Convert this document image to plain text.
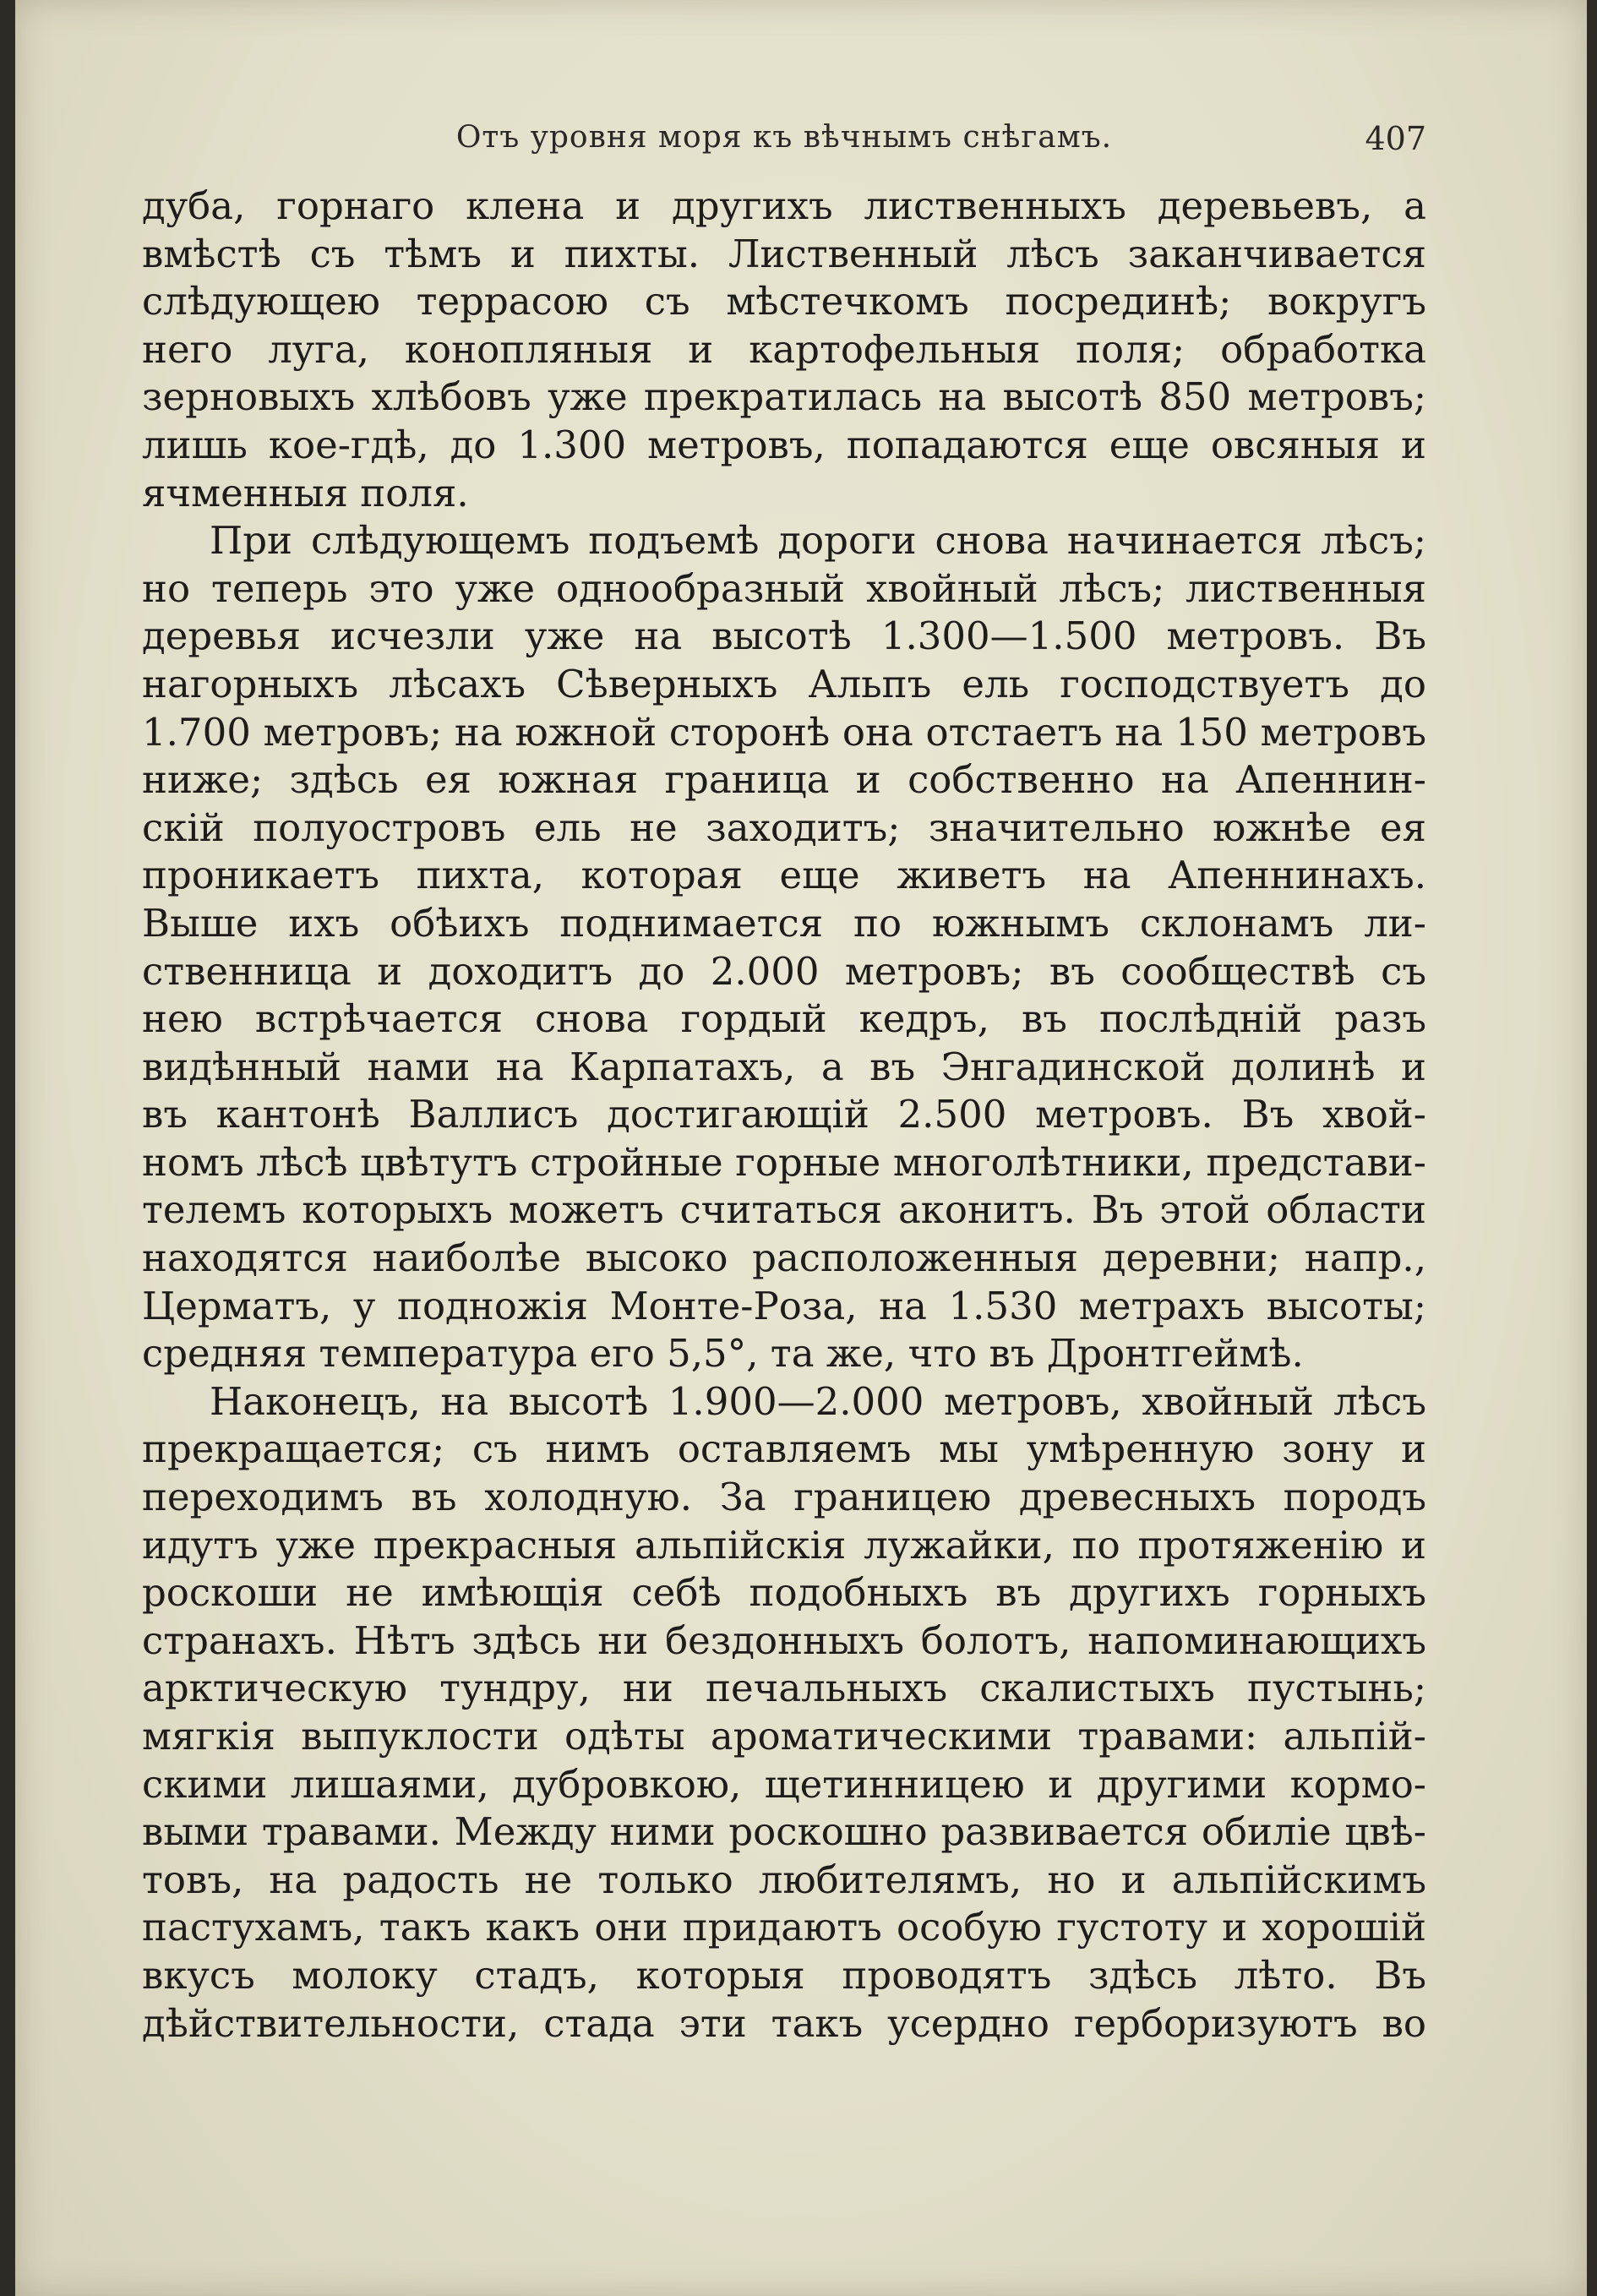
Отъ уровня моря къ вѣчнымъ снѣгамъ.	407
дуба, горнаго клена и другихъ лиственныхъ деревьевъ, а
вмѣстѣ съ тѣмъ и пихты. Лиственный лѣсъ заканчивается
слѣдующею террасою съ мѣстечкомъ посрединѣ; вокругъ
него луга, конопляныя и картофельныя поля; обработка
зерновыхъ хлѣбовъ уже прекратилась на высотѣ 850 метровъ;
лишь кое-гдѣ, до 1.300 метровъ, попадаются еще овсяныя и
ячменныя поля.
При слѣдующемъ подъемѣ дороги снова начинается лѣсъ;
но теперь это уже однообразный хвойный лѣсъ; лиственныя
деревья исчезли уже на высотѣ 1.300—1.500 метровъ. Въ
нагорныхъ лѣсахъ Сѣверныхъ Альпъ ель господствуетъ до
1.700 метровъ; на южной сторонѣ она отстаетъ на 150 метровъ
ниже; здѣсь ея южная граница и собственно на Апеннин-
скій полуостровъ ель не заходитъ; значительно южнѣе ея
проникаетъ пихта, которая еще живетъ на Апеннинахъ.
Выше ихъ обѣихъ поднимается по южнымъ склонамъ ли-
ственница и доходитъ до 2.000 метровъ; въ сообществѣ съ
нею встрѣчается снова гордый кедръ, въ послѣдній разъ
видѣнный нами на Карпатахъ, а въ Энгадинской долинѣ и
въ кантонѣ Валлисъ достигающій 2.500 метровъ. Въ хвой-
номъ лѣсѣ цвѣтутъ стройные горные многолѣтники, представи-
телемъ которыхъ можетъ считаться аконитъ. Въ этой области
находятся наиболѣе высоко расположенныя деревни; напр.,
Церматъ, у подножія Монте-Роза, на 1.530 метрахъ высоты;
средняя температура его 5,5°, та же, что въ Дронтгеймѣ.
Наконецъ, на высотѣ 1.900—2.000 метровъ, хвойный лѣсъ
прекращается; съ нимъ оставляемъ мы умѣренную зону и
переходимъ въ холодную. За границею древесныхъ породъ
идутъ уже прекрасныя альпійскія лужайки, по протяженію и
роскоши не имѣющія себѣ подобныхъ въ другихъ горныхъ
странахъ. Нѣтъ здѣсь ни бездонныхъ болотъ, напоминающихъ
арктическую тундру, ни печальныхъ скалистыхъ пустынь;
мягкія выпуклости одѣты ароматическими травами: альпій-
скими лишаями, дубровкою, щетинницею и другими кормо-
выми травами. Между ними роскошно развивается обиліе цвѣ-
товъ, на радость не только любителямъ, но и альпійскимъ
пастухамъ, такъ какъ они придаютъ особую густоту и хорошій
вкусъ молоку стадъ, которыя проводятъ здѣсь лѣто. Въ
дѣйствительности, стада эти такъ усердно герборизуютъ во
